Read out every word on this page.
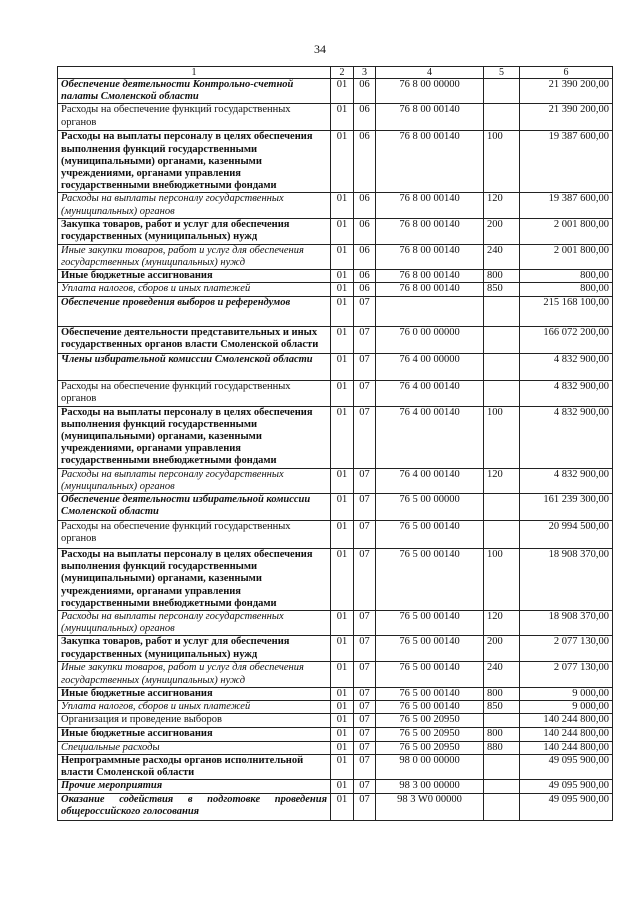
34
1	2	3	4	5	6
Обеспечение деятельности Контрольно-счетной палаты Смоленской области	01	06	76 8 00 00000		21 390 200,00
Расходы на обеспечение функций государственных органов	01	06	76 8 00 00140		21 390 200,00
Расходы на выплаты персоналу в целях обеспечения выполнения функций государственными (муниципальными) органами, казенными учреждениями, органами управления государственными внебюджетными фондами	01	06	76 8 00 00140	100	19 387 600,00
Расходы на выплаты персоналу государственных (муниципальных) органов	01	06	76 8 00 00140	120	19 387 600,00
Закупка товаров, работ и услуг для обеспечения государственных (муниципальных) нужд	01	06	76 8 00 00140	200	2 001 800,00
Иные закупки товаров, работ и услуг для обеспечения государственных (муниципальных) нужд	01	06	76 8 00 00140	240	2 001 800,00
Иные бюджетные ассигнования	01	06	76 8 00 00140	800	800,00
Уплата налогов, сборов и иных платежей	01	06	76 8 00 00140	850	800,00
Обеспечение проведения выборов и референдумов	01	07			215 168 100,00
Обеспечение деятельности представительных и иных государственных органов власти Смоленской области	01	07	76 0 00 00000		166 072 200,00
Члены избирательной комиссии Смоленской области	01	07	76 4 00 00000		4 832 900,00
Расходы на обеспечение функций государственных органов	01	07	76 4 00 00140		4 832 900,00
Расходы на выплаты персоналу в целях обеспечения выполнения функций государственными (муниципальными) органами, казенными учреждениями, органами управления государственными внебюджетными фондами	01	07	76 4 00 00140	100	4 832 900,00
Расходы на выплаты персоналу государственных (муниципальных) органов	01	07	76 4 00 00140	120	4 832 900,00
Обеспечение деятельности избирательной комиссии Смоленской области	01	07	76 5 00 00000		161 239 300,00
Расходы на обеспечение функций государственных органов	01	07	76 5 00 00140		20 994 500,00
Расходы на выплаты персоналу в целях обеспечения выполнения функций государственными (муниципальными) органами, казенными учреждениями, органами управления государственными внебюджетными фондами	01	07	76 5 00 00140	100	18 908 370,00
Расходы на выплаты персоналу государственных (муниципальных) органов	01	07	76 5 00 00140	120	18 908 370,00
Закупка товаров, работ и услуг для обеспечения государственных (муниципальных) нужд	01	07	76 5 00 00140	200	2 077 130,00
Иные закупки товаров, работ и услуг для обеспечения государственных (муниципальных) нужд	01	07	76 5 00 00140	240	2 077 130,00
Иные бюджетные ассигнования	01	07	76 5 00 00140	800	9 000,00
Уплата налогов, сборов и иных платежей	01	07	76 5 00 00140	850	9 000,00
Организация и проведение выборов	01	07	76 5 00 20950		140 244 800,00
Иные бюджетные ассигнования	01	07	76 5 00 20950	800	140 244 800,00
Специальные расходы	01	07	76 5 00 20950	880	140 244 800,00
Непрограммные расходы органов исполнительной власти Смоленской области	01	07	98 0 00 00000		49 095 900,00
Прочие мероприятия	01	07	98 3 00 00000		49 095 900,00
Оказание содействия в подготовке проведения общероссийского голосования	01	07	98 3 W0 00000		49 095 900,00
